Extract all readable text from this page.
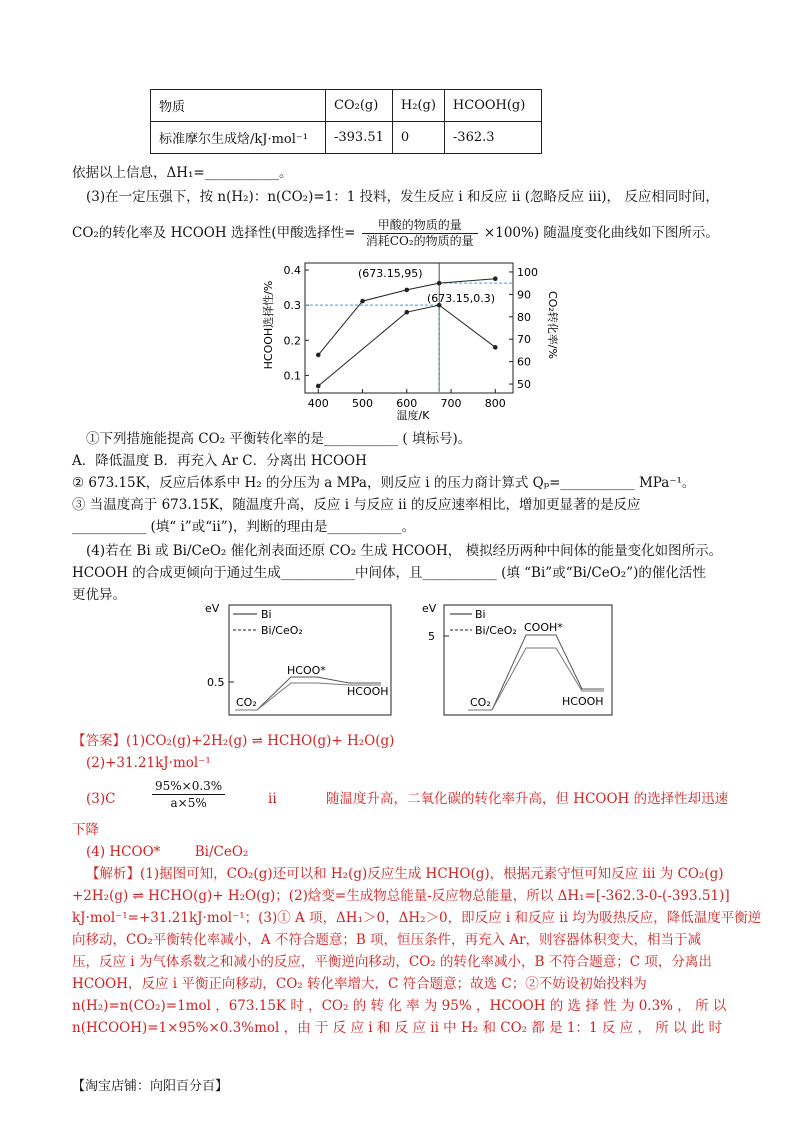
物质	CO₂(g)	H₂(g)	HCOOH(g)
标准摩尔生成焓/kJ·mol⁻¹	-393.51	0	-362.3
依据以上信息，ΔH₁=___________。
(3)在一定压强下，按 n(H₂)：n(CO₂)=1：1 投料，发生反应 i 和反应 ii (忽略反应 iii)， 反应相同时间，
CO₂的转化率及 HCOOH 选择性(甲酸选择性=	甲酸的物质的量
消耗CO₂的物质的量 ×100%) 随温度变化曲线如下图所示。
400 500 600 700 800
0.1
0.2
0.3
0.4
50
60
70
80
90
100
温度/K
HCOOH选择性/%	CO₂转化率/%
(673.15,95)
(673.15,0.3)
①下列措施能提高 CO₂ 平衡转化率的是___________ ( 填标号)。
A．降低温度 B．再充入 Ar C．分离出 HCOOH
② 673.15K，反应后体系中 H₂ 的分压为 a MPa，则反应 i 的压力商计算式 Qₚ=___________ MPa⁻¹。
③ 当温度高于 673.15K，随温度升高，反应 i 与反应 ii 的反应速率相比，增加更显著的是反应
___________ (填“ i”或“ii”)，判断的理由是___________。
(4)若在 Bi 或 Bi/CeO₂ 催化剂表面还原 CO₂ 生成 HCOOH， 模拟经历两种中间体的能量变化如图所示。
HCOOH 的合成更倾向于通过生成___________中间体，且___________ (填 “Bi”或“Bi/CeO₂”)的催化活性
更优异。
eV
0.5
Bi
Bi/CeO₂
CO₂
HCOO*
HCOOH
eV
5
Bi
Bi/CeO₂
CO₂
COOH*
HCOOH
【答案】(1)CO₂(g)+2H₂(g) ⇌ HCHO(g)+ H₂O(g)
(2)+31.21kJ·mol⁻¹
(3)C	$\frac{95\%\times 0.3\%}{a\times 5\%}$	ii	随温度升高，二氧化碳的转化率升高，但 HCOOH 的选择性却迅速
下降
(4) HCOO*        Bi/CeO₂
【解析】(1)据图可知，CO₂(g)还可以和 H₂(g)反应生成 HCHO(g)，根据元素守恒可知反应 iii 为 CO₂(g)
+2H₂(g) ⇌ HCHO(g)+ H₂O(g)；(2)焓变=生成物总能量-反应物总能量，所以 ΔH₁=[-362.3-0-(-393.51)]
kJ·mol⁻¹=+31.21kJ·mol⁻¹；(3)① A 项，ΔH₁＞0，ΔH₂＞0，即反应 i 和反应 ii 均为吸热反应，降低温度平衡逆
向移动，CO₂平衡转化率减小，A 不符合题意；B 项，恒压条件，再充入 Ar，则容器体积变大，相当于减
压，反应 i 为气体系数之和减小的反应，平衡逆向移动，CO₂ 的转化率减小，B 不符合题意；C 项，分离出
HCOOH，反应 i 平衡正向移动，CO₂ 转化率增大，C 符合题意；故选 C；②不妨设初始投料为
n(H₂)=n(CO₂)=1mol ，673.15K 时 ，CO₂ 的 转 化 率 为 95% ，HCOOH 的 选 择 性 为 0.3% ， 所 以
n(HCOOH)=1×95%×0.3%mol ，由 于 反 应 i 和 反 应 ii 中 H₂ 和 CO₂ 都 是 1：1 反 应 ， 所 以 此 时
【淘宝店铺：向阳百分百】
